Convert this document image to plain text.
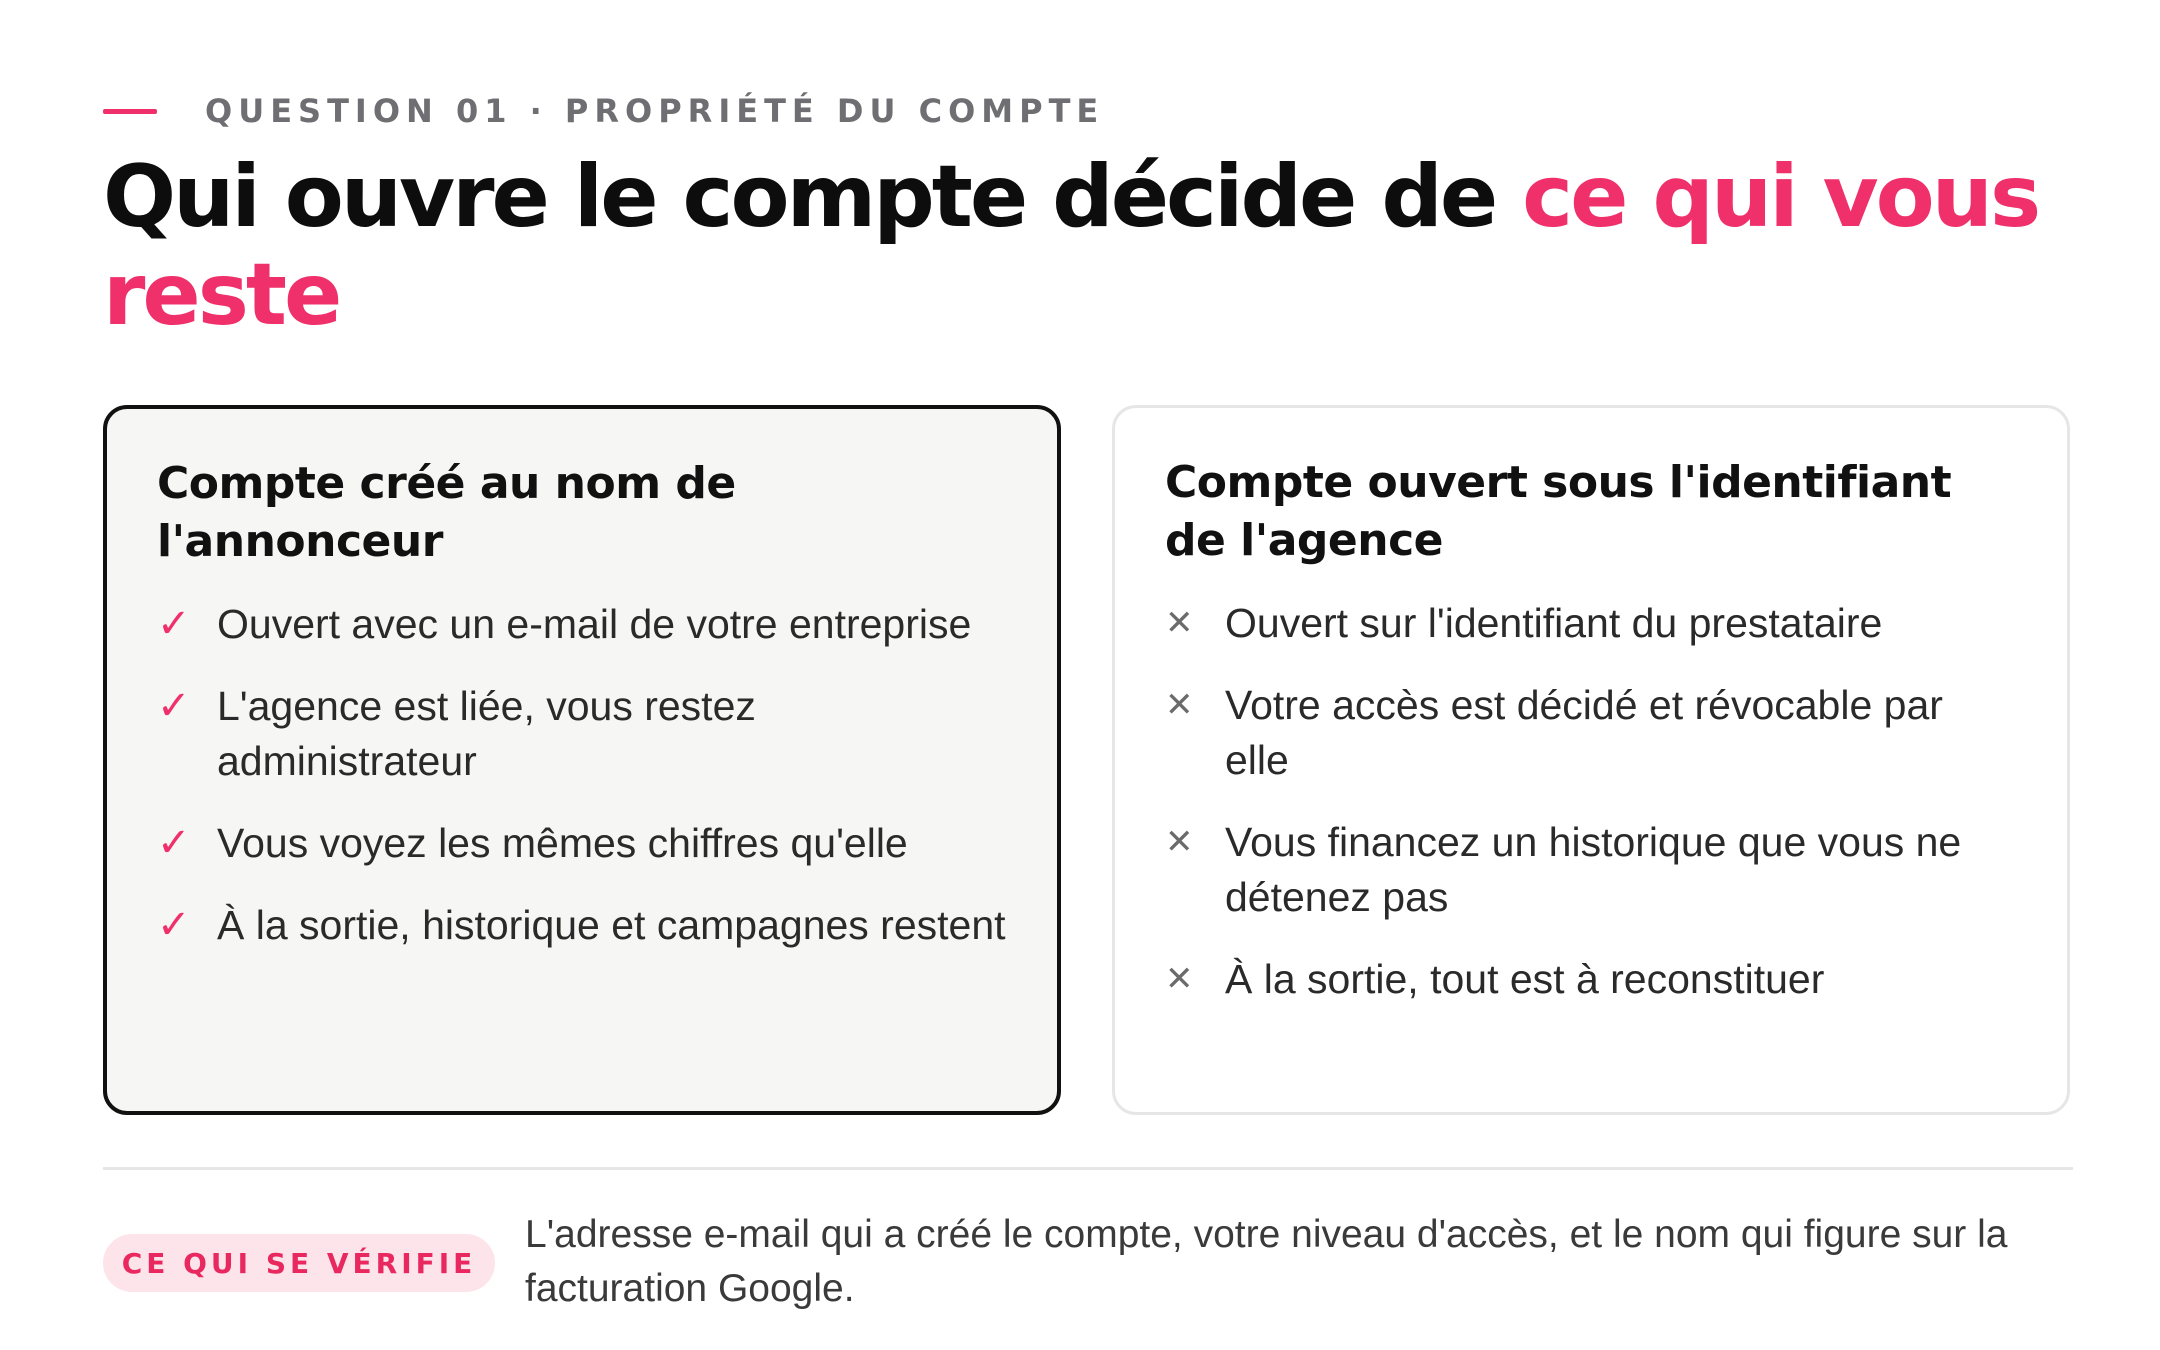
QUESTION 01 · PROPRIÉTÉ DU COMPTE
Qui ouvre le compte décide de ce qui vous reste
Compte créé au nom de l'annonceur
✓ Ouvert avec un e-mail de votre entreprise
✓ L'agence est liée, vous restez administrateur
✓ Vous voyez les mêmes chiffres qu'elle
✓ À la sortie, historique et campagnes restent
Compte ouvert sous l'identifiant de l'agence
✕ Ouvert sur l'identifiant du prestataire
✕ Votre accès est décidé et révocable par elle
✕ Vous financez un historique que vous ne détenez pas
✕ À la sortie, tout est à reconstituer
CE QUI SE VÉRIFIE

L'adresse e-mail qui a créé le compte, votre niveau d'accès, et le nom qui figure sur la facturation Google.
